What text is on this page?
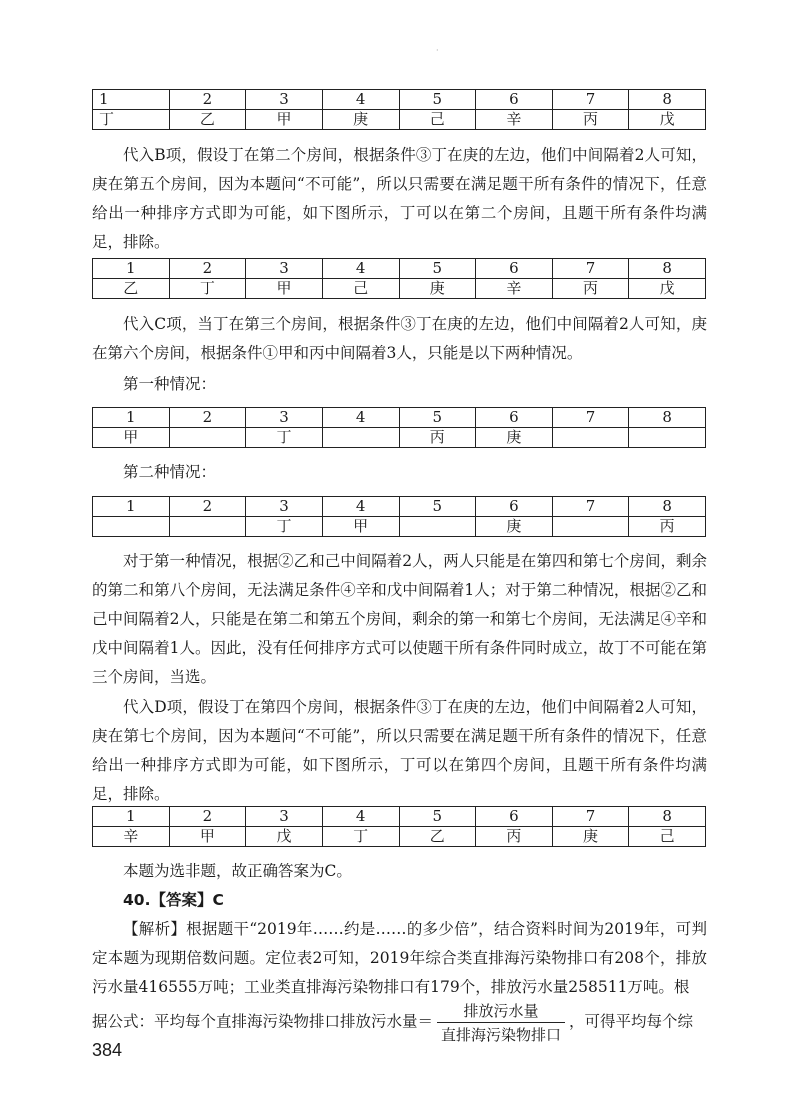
·
1	2	3	4	5	6	7	8
丁	乙	甲	庚	己	辛	丙	戊

代入B项，假设丁在第二个房间，根据条件③丁在庚的左边，他们中间隔着2人可知，庚在第五个房间，因为本题问“不可能”，所以只需要在满足题干所有条件的情况下，任意给出一种排序方式即为可能，如下图所示，丁可以在第二个房间，且题干所有条件均满足，排除。

1	2	3	4	5	6	7	8
乙	丁	甲	己	庚	辛	丙	戊

代入C项，当丁在第三个房间，根据条件③丁在庚的左边，他们中间隔着2人可知，庚在第六个房间，根据条件①甲和丙中间隔着3人，只能是以下两种情况。

第一种情况：

1	2	3	4	5	6	7	8
甲		丁		丙	庚		

第二种情况：

1	2	3	4	5	6	7	8
		丁	甲		庚		丙

对于第一种情况，根据②乙和己中间隔着2人，两人只能是在第四和第七个房间，剩余的第二和第八个房间，无法满足条件④辛和戊中间隔着1人；对于第二种情况，根据②乙和己中间隔着2人，只能是在第二和第五个房间，剩余的第一和第七个房间，无法满足④辛和戊中间隔着1人。因此，没有任何排序方式可以使题干所有条件同时成立，故丁不可能在第三个房间，当选。

代入D项，假设丁在第四个房间，根据条件③丁在庚的左边，他们中间隔着2人可知，庚在第七个房间，因为本题问“不可能”，所以只需要在满足题干所有条件的情况下，任意给出一种排序方式即为可能，如下图所示，丁可以在第四个房间，且题干所有条件均满足，排除。

1	2	3	4	5	6	7	8
辛	甲	戊	丁	乙	丙	庚	己

本题为选非题，故正确答案为C。

40.【答案】C

【解析】根据题干“2019年……约是……的多少倍”，结合资料时间为2019年，可判定本题为现期倍数问题。定位表2可知，2019年综合类直排海污染物排口有208个，排放污水量416555万吨；工业类直排海污染物排口有179个，排放污水量258511万吨。根

据公式：平均每个直排海污染物排口排放污水量＝ $\frac{\text{排放污水量}}{\text{直排海污染物排口}}$ ，可得平均每个综
384
